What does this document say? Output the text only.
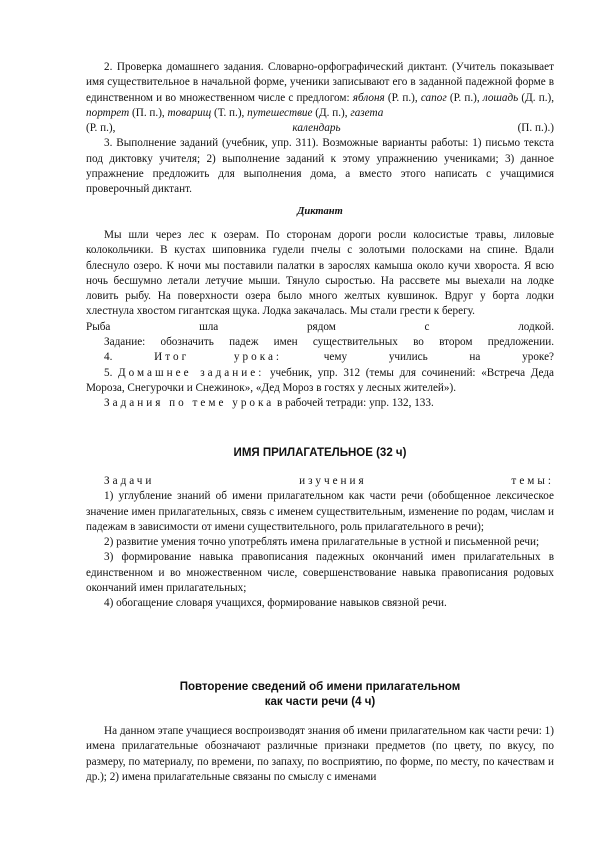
2. Проверка домашнего задания. Словарно-орфографический диктант. (Учитель показывает имя существительное в начальной форме, ученики записывают его в заданной падежной форме в единственном и во множественном числе с предлогом: яблоня (Р. п.), сапог (Р. п.), лошадь (Д. п.), портрет (П. п.), товарищ (Т. п.), путешествие (Д. п.), газета

(Р. п.),	календарь	(П. п.).)

3. Выполнение заданий (учебник, упр. 311). Возможные варианты работы: 1) письмо текста под диктовку учителя; 2) выполнение заданий к этому упражнению учениками; 3) данное упражнение предложить для выполнения дома, а вместо этого написать с учащимися проверочный диктант.

Диктант

Мы шли через лес к озерам. По сторонам дороги росли колосистые травы, лиловые колокольчики. В кустах шиповника гудели пчелы с золотыми полосками на спине. Вдали блеснуло озеро. К ночи мы поставили палатки в зарослях камыша около кучи хвороста. Я всю ночь бесшумно летали летучие мыши. Тянуло сыростью. На рассвете мы выехали на лодке ловить рыбу. На поверхности озера было много желтых кувшинок. Вдруг у борта лодки хлестнула хвостом гигантская щука. Лодка закачалась. Мы стали грести к берегу.

Рыба шла рядом с лодкой.

Задание: обозначить падеж имен существительных во втором предложении.

4.	Итог урока: чему учились на уроке?

5. Домашнее задание: учебник, упр. 312 (темы для сочинений: «Встреча Деда Мороза, Снегурочки и Снежинок», «Дед Мороз в гостях у лесных жителей»).

Задания по теме урока в рабочей тетради: упр. 132, 133.

ИМЯ ПРИЛАГАТЕЛЬНОЕ (32 ч)

Задачи изучения темы:

1) углубление знаний об имени прилагательном как части речи (обобщенное лексическое значение имен прилагательных, связь с именем существительным, изменение по родам, числам и падежам в зависимости от имени существительного, роль прилагательного в речи);

2) развитие умения точно употреблять имена прилагательные в устной и письменной речи;

3) формирование навыка правописания падежных окончаний имен прилагательных в единственном и во множественном числе, совершенствование навыка правописания родовых окончаний имен прилагательных;

4) обогащение словаря учащихся, формирование навыков связной речи.

Повторение сведений об имени прилагательном

как части речи (4 ч)

На данном этапе учащиеся воспроизводят знания об имени прилагательном как части речи: 1) имена прилагательные обозначают различные признаки предметов (по цвету, по вкусу, по размеру, по материалу, по времени, по запаху, по восприятию, по форме, по месту, по качествам и др.); 2) имена прилагательные связаны по смыслу с именами
